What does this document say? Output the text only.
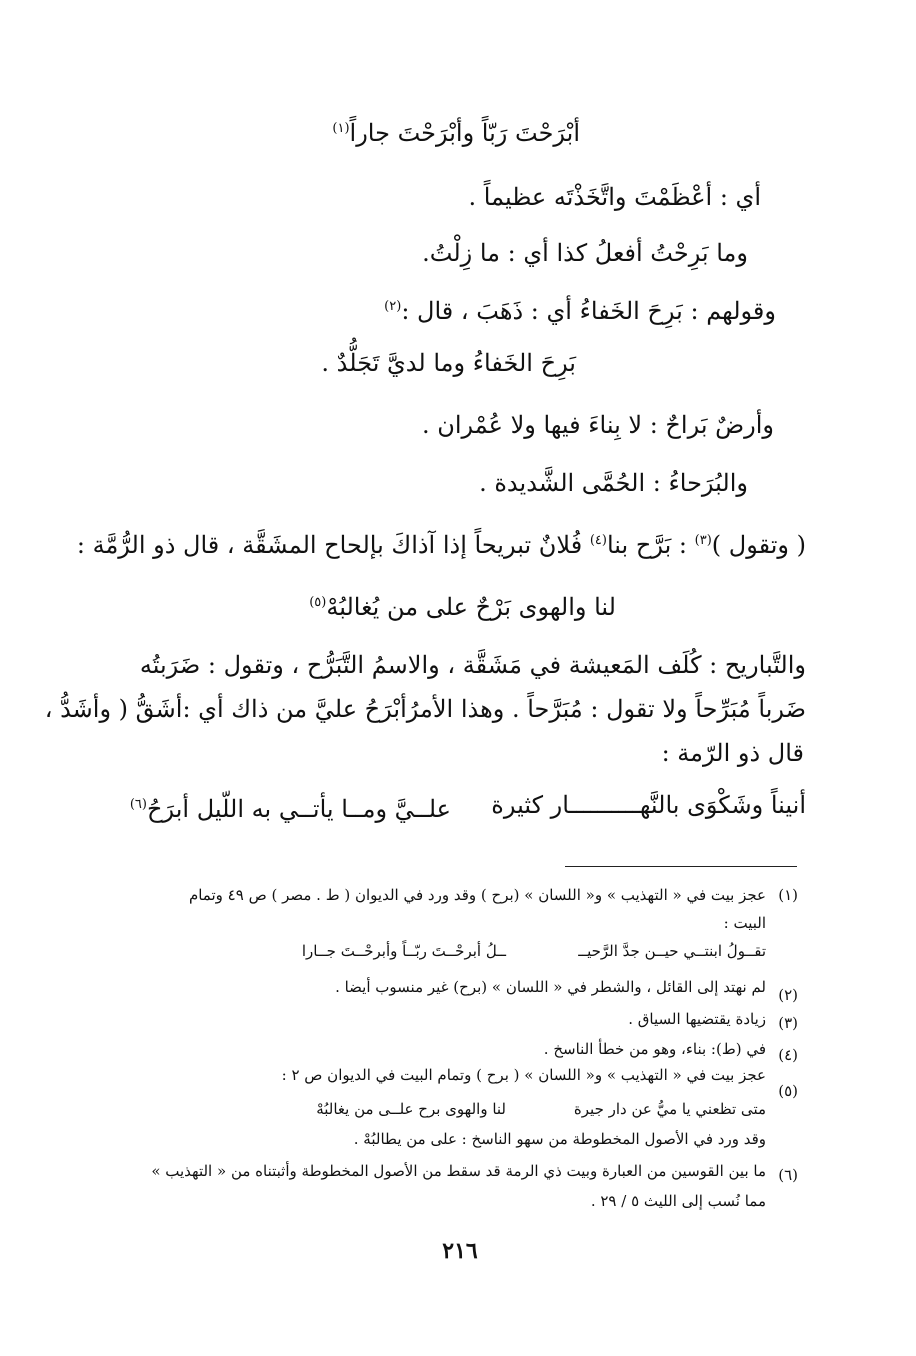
أبْرَحْتَ رَبّاً وأبْرَحْتَ جاراً$^{(١)}$
أي : أعْظَمْتَ واتَّخَذْتَه عظيماً .
وما بَرِحْتُ أفعلُ كذا أي : ما زِلْتُ.
وقولهم : بَرِحَ الخَفاءُ أي : ذَهَبَ ، قال :$^{(٢)}$
بَرِحَ الخَفاءُ وما لديَّ تَجَلُّدٌ .
وأرضٌ بَراحٌ : لا بِناءَ فيها ولا عُمْران .
والبُرَحاءُ : الحُمَّى الشَّديدة .
( وتقول )$^{(٣)}$ : بَرَّح بنا$^{(٤)}$ فُلانٌ تبريحاً إذا آذاكَ بإلحاح المشَقَّة ، قال ذو الرُّمَّة :
لنا والهوى بَرْحٌ على من يُغالبُهْ$^{(٥)}$
والتَّباريح : كُلَف المَعيشة في مَشَقَّة ، والاسمُ التَّبَرُّح ، وتقول : ضَرَبتُه
ضَرباً مُبَرِّحاً ولا تقول : مُبَرَّحاً . وهذا الأمرُأبْرَحُ عليَّ من ذاك أي :أشَقُّ ( وأشَدُّ ،
قال ذو الرّمة :
أنيناً وشَكْوَى بالنَّهــــــــــار كثيرة
علــيَّ ومــا يأتــي به اللّيل أبرَحُ$^{(٦)}$
(١)
عجز بيت في « التهذيب » و« اللسان » (برح ) وقد ورد في الديوان ( ط . مصر ) ص ٤٩ وتمام
البيت :
تقــولُ ابنتــي حيــن جدَّ الرَّحيــ
ــلُ أبرحْــتَ ربّــاً وأبرحْــتَ جــارا
(٢)
لم نهتد إلى القائل ، والشطر في « اللسان » (برح) غير منسوب أيضا .
(٣)
زيادة يقتضيها السياق .
(٤)
في (ط): بناء، وهو من خطأ الناسخ .
(٥)
عجز بيت في « التهذيب » و« اللسان » ( برح ) وتمام البيت في الديوان ص ٢ :
متى تظعني يا ميُّ عن دار جيرة
لنا والهوى برح علــى من يغالبُهْ
وقد ورد في الأصول المخطوطة من سهو الناسخ : على من يطالبُهْ .
(٦)
ما بين القوسين من العبارة وبيت ذي الرمة قد سقط من الأصول المخطوطة وأثبتناه من « التهذيب »
مما نُسب إلى الليث ٥ / ٢٩ .
٢١٦
